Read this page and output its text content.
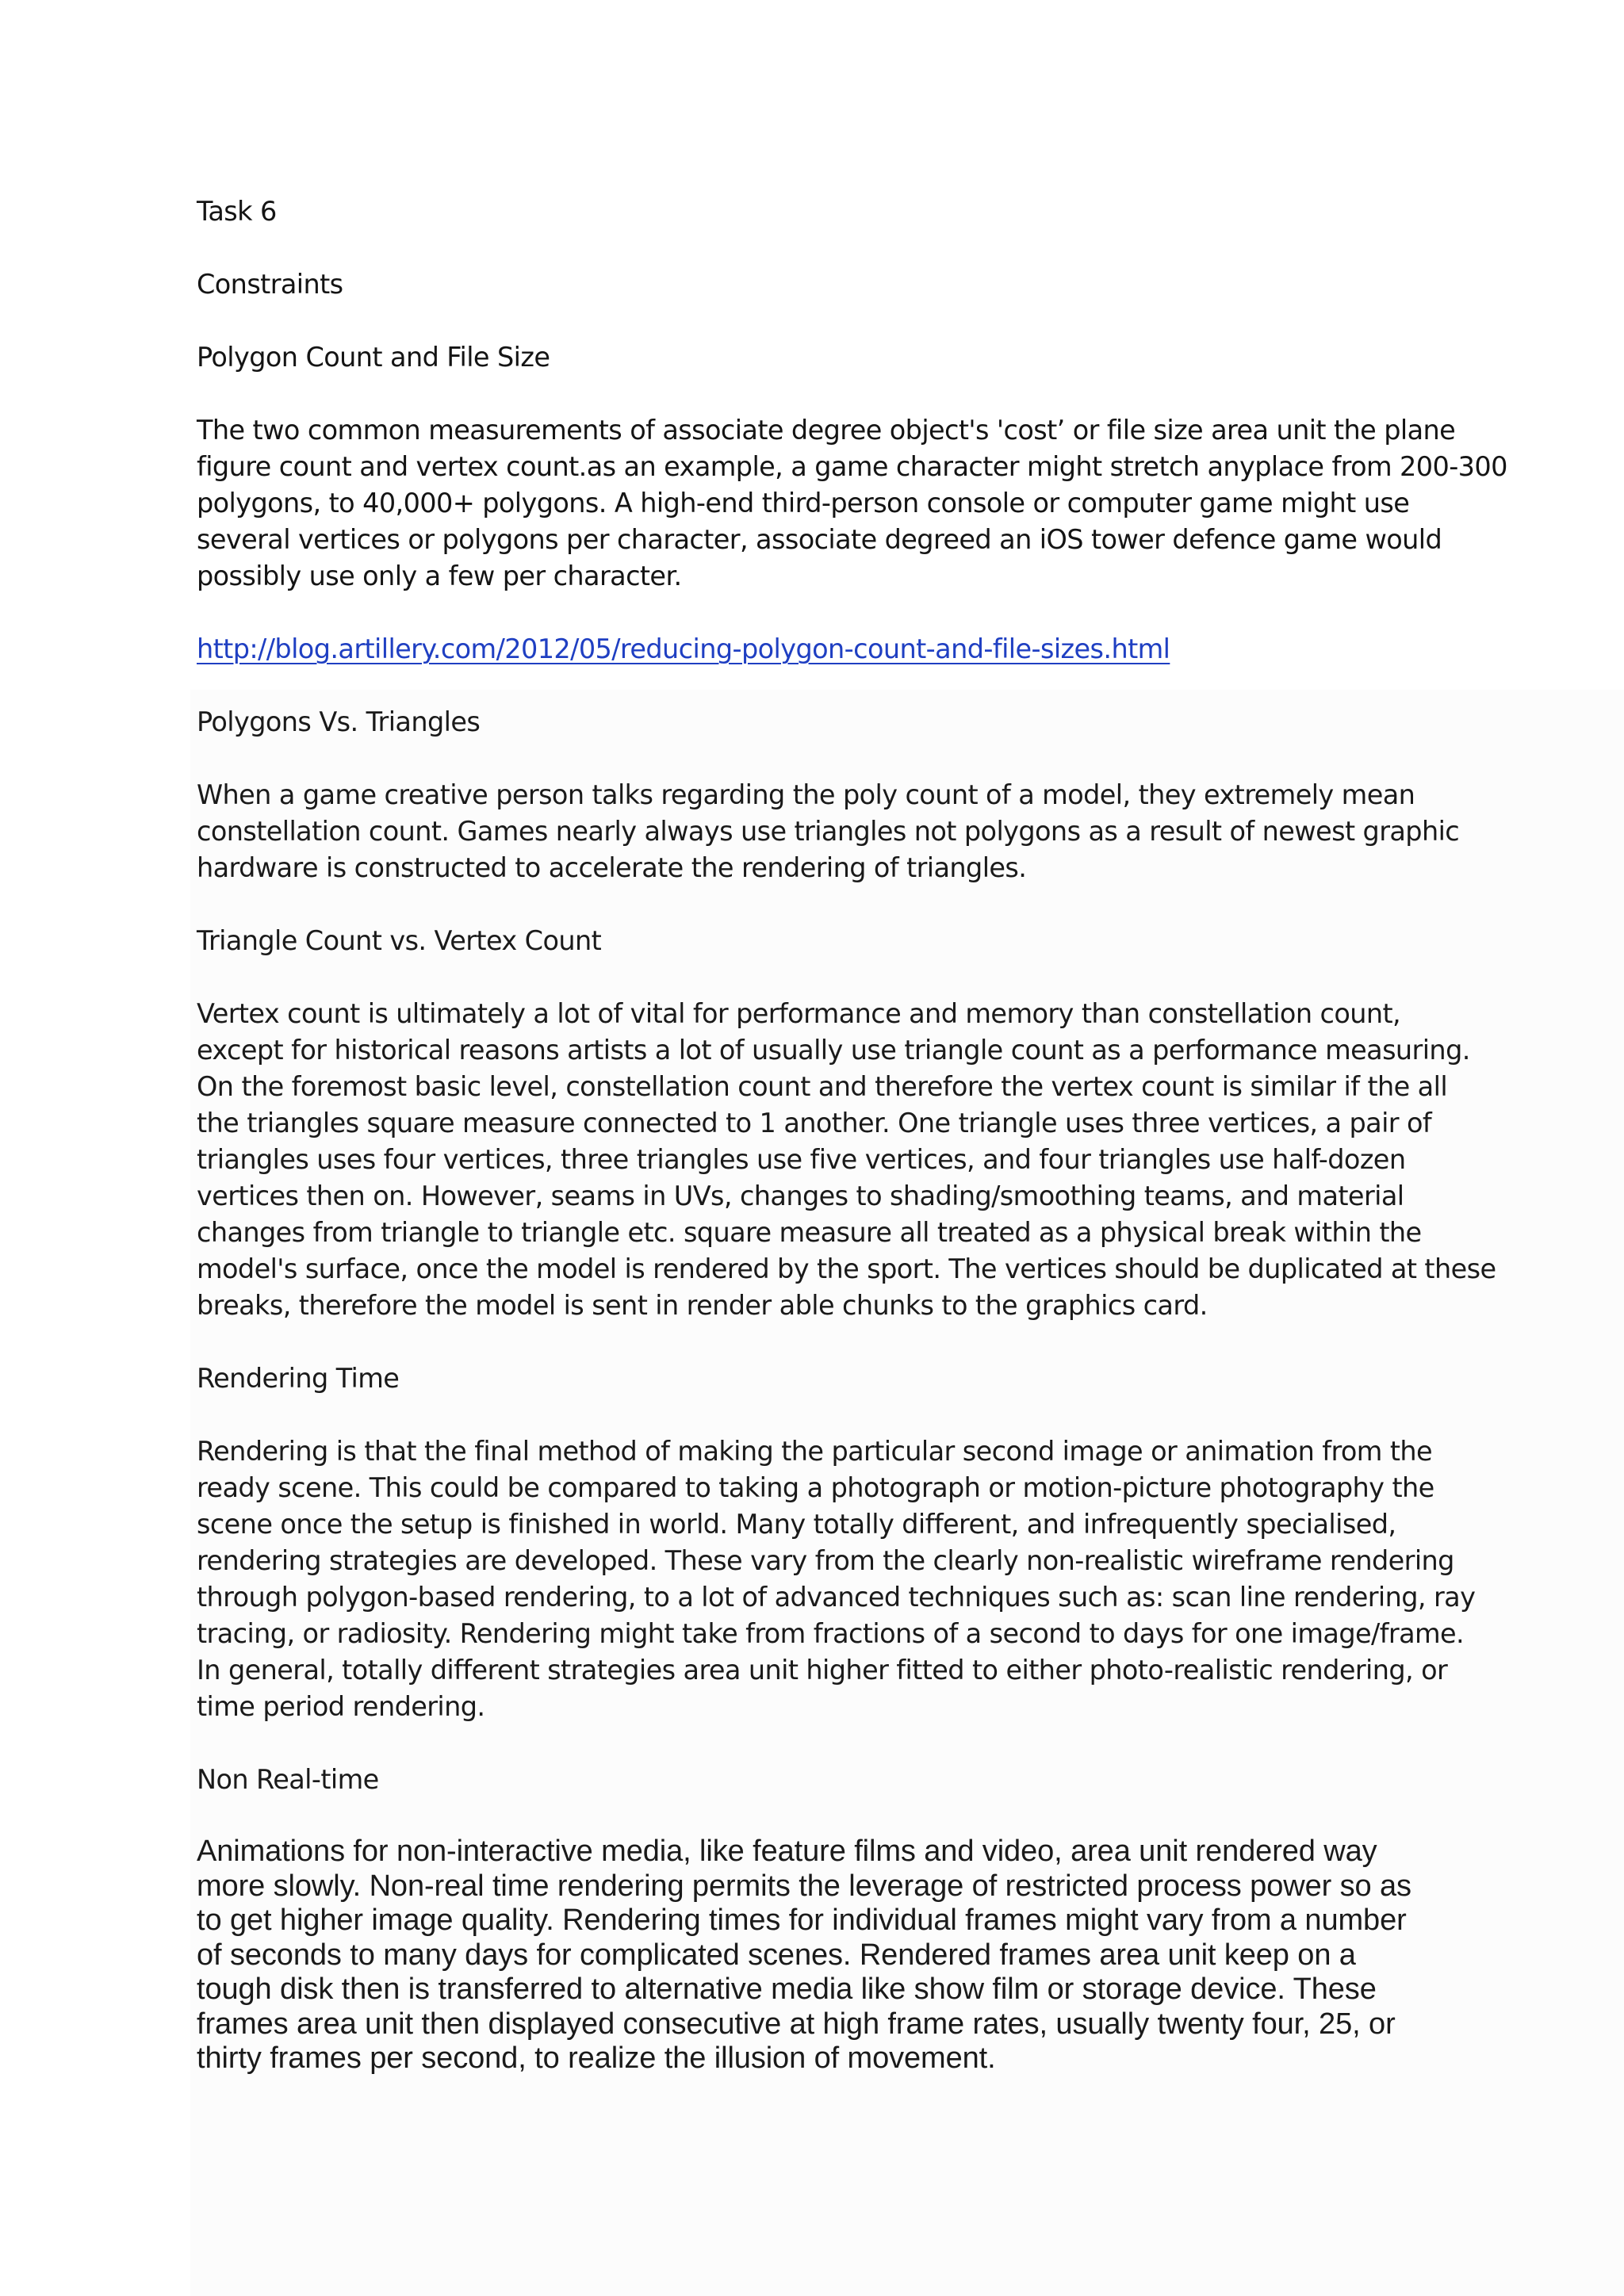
Task 6

Constraints

Polygon Count and File Size

The two common measurements of associate degree object's 'cost’ or file size area unit the plane

figure count and vertex count.as an example, a game character might stretch anyplace from 200-300

polygons, to 40,000+ polygons. A high-end third-person console or computer game might use

several vertices or polygons per character, associate degreed an iOS tower defence game would

possibly use only a few per character.

http://blog.artillery.com/2012/05/reducing-polygon-count-and-file-sizes.html

Polygons Vs. Triangles

When a game creative person talks regarding the poly count of a model, they extremely mean

constellation count. Games nearly always use triangles not polygons as a result of newest graphic

hardware is constructed to accelerate the rendering of triangles.

Triangle Count vs. Vertex Count

Vertex count is ultimately a lot of vital for performance and memory than constellation count,

except for historical reasons artists a lot of usually use triangle count as a performance measuring.

On the foremost basic level, constellation count and therefore the vertex count is similar if the all

the triangles square measure connected to 1 another. One triangle uses three vertices, a pair of

triangles uses four vertices, three triangles use five vertices, and four triangles use half-dozen

vertices then on. However, seams in UVs, changes to shading/smoothing teams, and material

changes from triangle to triangle etc. square measure all treated as a physical break within the

model's surface, once the model is rendered by the sport. The vertices should be duplicated at these

breaks, therefore the model is sent in render able chunks to the graphics card.

Rendering Time

Rendering is that the final method of making the particular second image or animation from the

ready scene. This could be compared to taking a photograph or motion-picture photography the

scene once the setup is finished in world. Many totally different, and infrequently specialised,

rendering strategies are developed. These vary from the clearly non-realistic wireframe rendering

through polygon-based rendering, to a lot of advanced techniques such as: scan line rendering, ray

tracing, or radiosity. Rendering might take from fractions of a second to days for one image/frame.

In general, totally different strategies area unit higher fitted to either photo-realistic rendering, or

time period rendering.

Non Real-time

Animations for non-interactive media, like feature films and video, area unit rendered way

more slowly. Non-real time rendering permits the leverage of restricted process power so as

to get higher image quality. Rendering times for individual frames might vary from a number

of seconds to many days for complicated scenes. Rendered frames area unit keep on a

tough disk then is transferred to alternative media like show film or storage device. These

frames area unit then displayed consecutive at high frame rates, usually twenty four, 25, or

thirty frames per second, to realize the illusion of movement.
